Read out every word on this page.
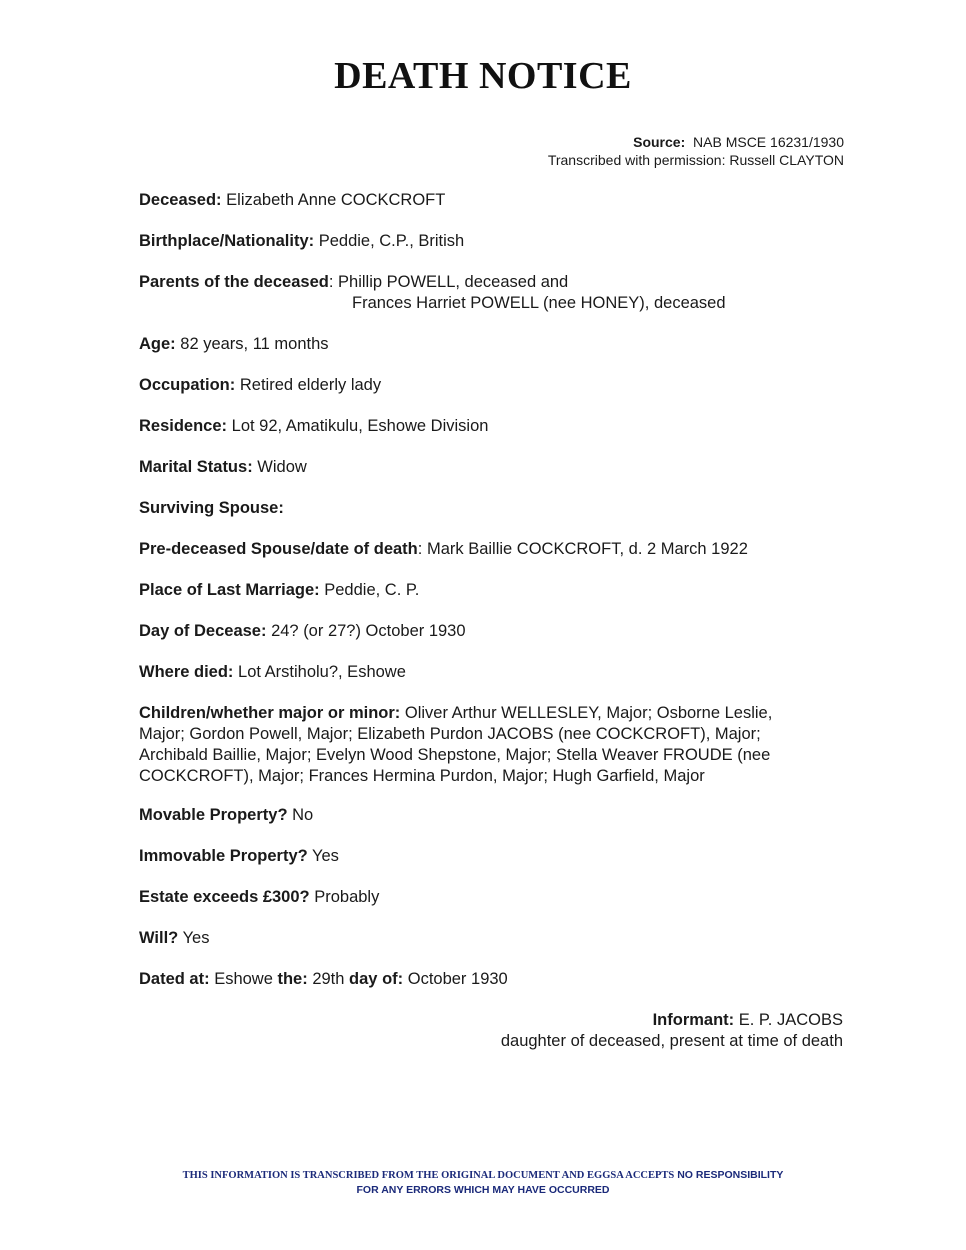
DEATH NOTICE
Source: NAB MSCE 16231/1930
Transcribed with permission: Russell CLAYTON
Deceased: Elizabeth Anne COCKCROFT
Birthplace/Nationality: Peddie, C.P., British
Parents of the deceased: Phillip POWELL, deceased and
Frances Harriet POWELL (nee HONEY), deceased
Age: 82 years, 11 months
Occupation: Retired elderly lady
Residence: Lot 92, Amatikulu, Eshowe Division
Marital Status: Widow
Surviving Spouse:
Pre-deceased Spouse/date of death: Mark Baillie COCKCROFT, d. 2 March 1922
Place of Last Marriage: Peddie, C. P.
Day of Decease: 24? (or 27?) October 1930
Where died: Lot Arstiholu?, Eshowe
Children/whether major or minor: Oliver Arthur WELLESLEY, Major; Osborne Leslie,
Major; Gordon Powell, Major; Elizabeth Purdon JACOBS (nee COCKCROFT), Major;
Archibald Baillie, Major; Evelyn Wood Shepstone, Major; Stella Weaver FROUDE (nee
COCKCROFT), Major; Frances Hermina Purdon, Major; Hugh Garfield, Major
Movable Property? No
Immovable Property? Yes
Estate exceeds £300? Probably
Will? Yes
Dated at: Eshowe the: 29th day of: October 1930
Informant: E. P. JACOBS
daughter of deceased, present at time of death
THIS INFORMATION IS TRANSCRIBED FROM THE ORIGINAL DOCUMENT AND EGGSA ACCEPTS NO RESPONSIBILITY
FOR ANY ERRORS WHICH MAY HAVE OCCURRED
